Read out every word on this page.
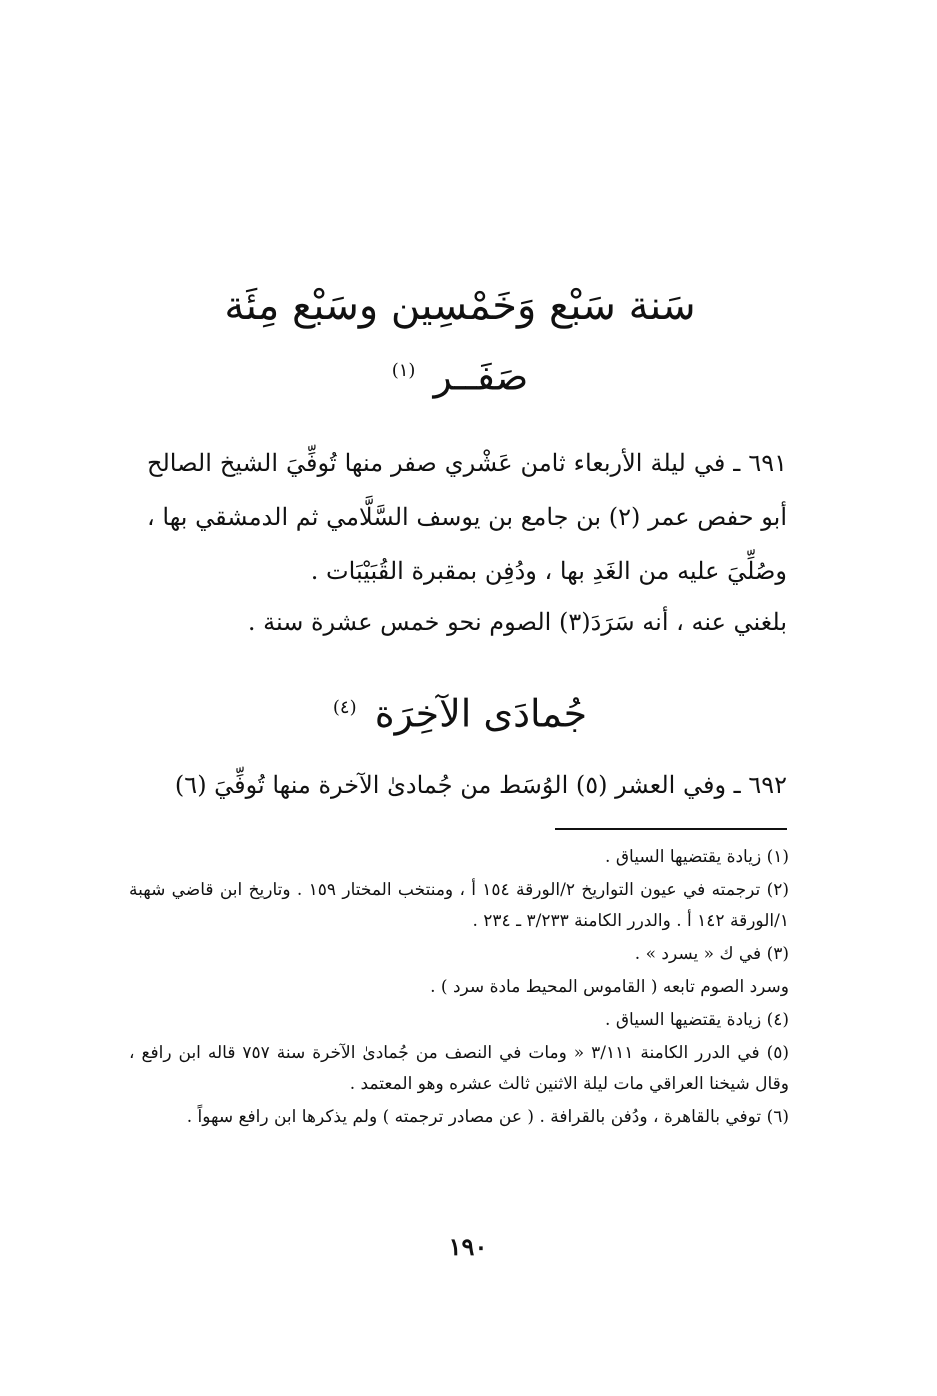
سَنة سَبْع وَخَمْسِين وسَبْع مِئَة
صَفَــر $^{(١)}$
٦٩١ ـ في ليلة الأربعاء ثامن عَشْري صفر منها تُوفِّيَ الشيخ الصالح أبو حفص عمر (٢) بن جامع بن يوسف السَّلَّامي ثم الدمشقي بها ، وصُلِّيَ عليه من الغَدِ بها ، ودُفِن بمقبرة القُبَيْبَات .
بلغني عنه ، أنه سَرَدَ(٣) الصوم نحو خمس عشرة سنة .
جُمادَى الآخِرَة $^{(٤)}$
٦٩٢ ـ وفي العشر (٥) الوُسَط من جُمادىٰ الآخرة منها تُوفِّيَ (٦)

(١) زيادة يقتضيها السياق .

(٢) ترجمته في عيون التواريخ ٢/الورقة ١٥٤ أ ، ومنتخب المختار ١٥٩ . وتاريخ ابن قاضي شهبة ١/الورقة ١٤٢ أ . والدرر الكامنة ٣/٢٣٣ ـ ٢٣٤ .

(٣) في ك « يسرد » .

وسرد الصوم تابعه ( القاموس المحيط مادة سرد ) .

(٤) زيادة يقتضيها السياق .

(٥) في الدرر الكامنة ٣/١١١ « ومات في النصف من جُمادىٰ الآخرة سنة ٧٥٧ قاله ابن رافع ، وقال شيخنا العراقي مات ليلة الاثنين ثالث عشره وهو المعتمد .

(٦) توفي بالقاهرة ، ودُفن بالقرافة . ( عن مصادر ترجمته ) ولم يذكرها ابن رافع سهواً .

١٩٠
